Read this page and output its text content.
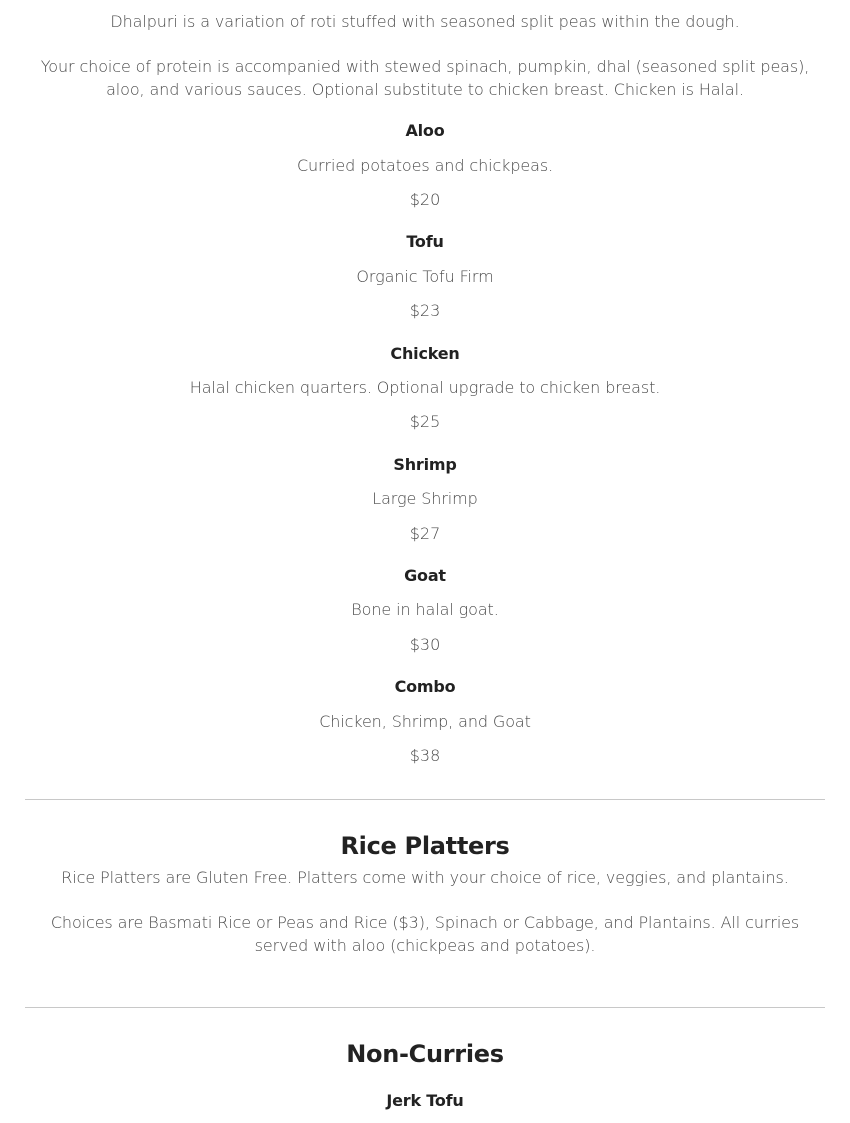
Dhalpuri is a variation of roti stuffed with seasoned split peas within the dough.
Your choice of protein is accompanied with stewed spinach, pumpkin, dhal (seasoned split peas), aloo, and various sauces. Optional substitute to chicken breast. Chicken is Halal.
Aloo
Curried potatoes and chickpeas.
$20
Tofu
Organic Tofu Firm
$23
Chicken
Halal chicken quarters. Optional upgrade to chicken breast.
$25
Shrimp
Large Shrimp
$27
Goat
Bone in halal goat.
$30
Combo
Chicken, Shrimp, and Goat
$38
Rice Platters
Rice Platters are Gluten Free. Platters come with your choice of rice, veggies, and plantains.
Choices are Basmati Rice or Peas and Rice ($3), Spinach or Cabbage, and Plantains. All curries served with aloo (chickpeas and potatoes).
Non-Curries
Jerk Tofu
